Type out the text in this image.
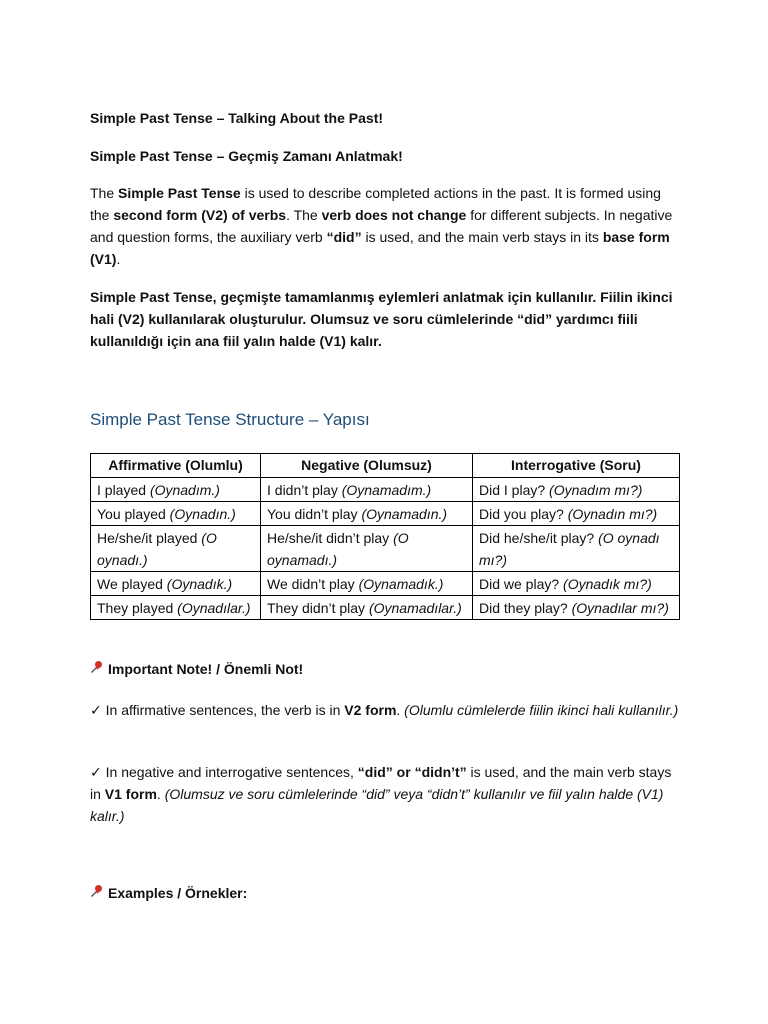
Simple Past Tense – Talking About the Past!

Simple Past Tense – Geçmiş Zamanı Anlatmak!

The Simple Past Tense is used to describe completed actions in the past. It is formed using the second form (V2) of verbs. The verb does not change for different subjects. In negative and question forms, the auxiliary verb “did” is used, and the main verb stays in its base form (V1).

Simple Past Tense, geçmişte tamamlanmış eylemleri anlatmak için kullanılır. Fiilin ikinci hali (V2) kullanılarak oluşturulur. Olumsuz ve soru cümlelerinde “did” yardımcı fiili kullanıldığı için ana fiil yalın halde (V1) kalır.

Simple Past Tense Structure – Yapısı
Affirmative (Olumlu)	Negative (Olumsuz)	Interrogative (Soru)
I played (Oynadım.)	I didn’t play (Oynamadım.)	Did I play? (Oynadım mı?)
You played (Oynadın.)	You didn’t play (Oynamadın.)	Did you play? (Oynadın mı?)
He/she/it played (O oynadı.)	He/she/it didn’t play (O oynamadı.)	Did he/she/it play? (O oynadı mı?)
We played (Oynadık.)	We didn’t play (Oynamadık.)	Did we play? (Oynadık mı?)
They played (Oynadılar.)	They didn’t play (Oynamadılar.)	Did they play? (Oynadılar mı?)

Important Note! / Önemli Not!

✓ In affirmative sentences, the verb is in V2 form. (Olumlu cümlelerde fiilin ikinci hali kullanılır.)

✓ In negative and interrogative sentences, “did” or “didn’t” is used, and the main verb stays in V1 form. (Olumsuz ve soru cümlelerinde “did” veya “didn’t” kullanılır ve fiil yalın halde (V1) kalır.)

Examples / Örnekler:
